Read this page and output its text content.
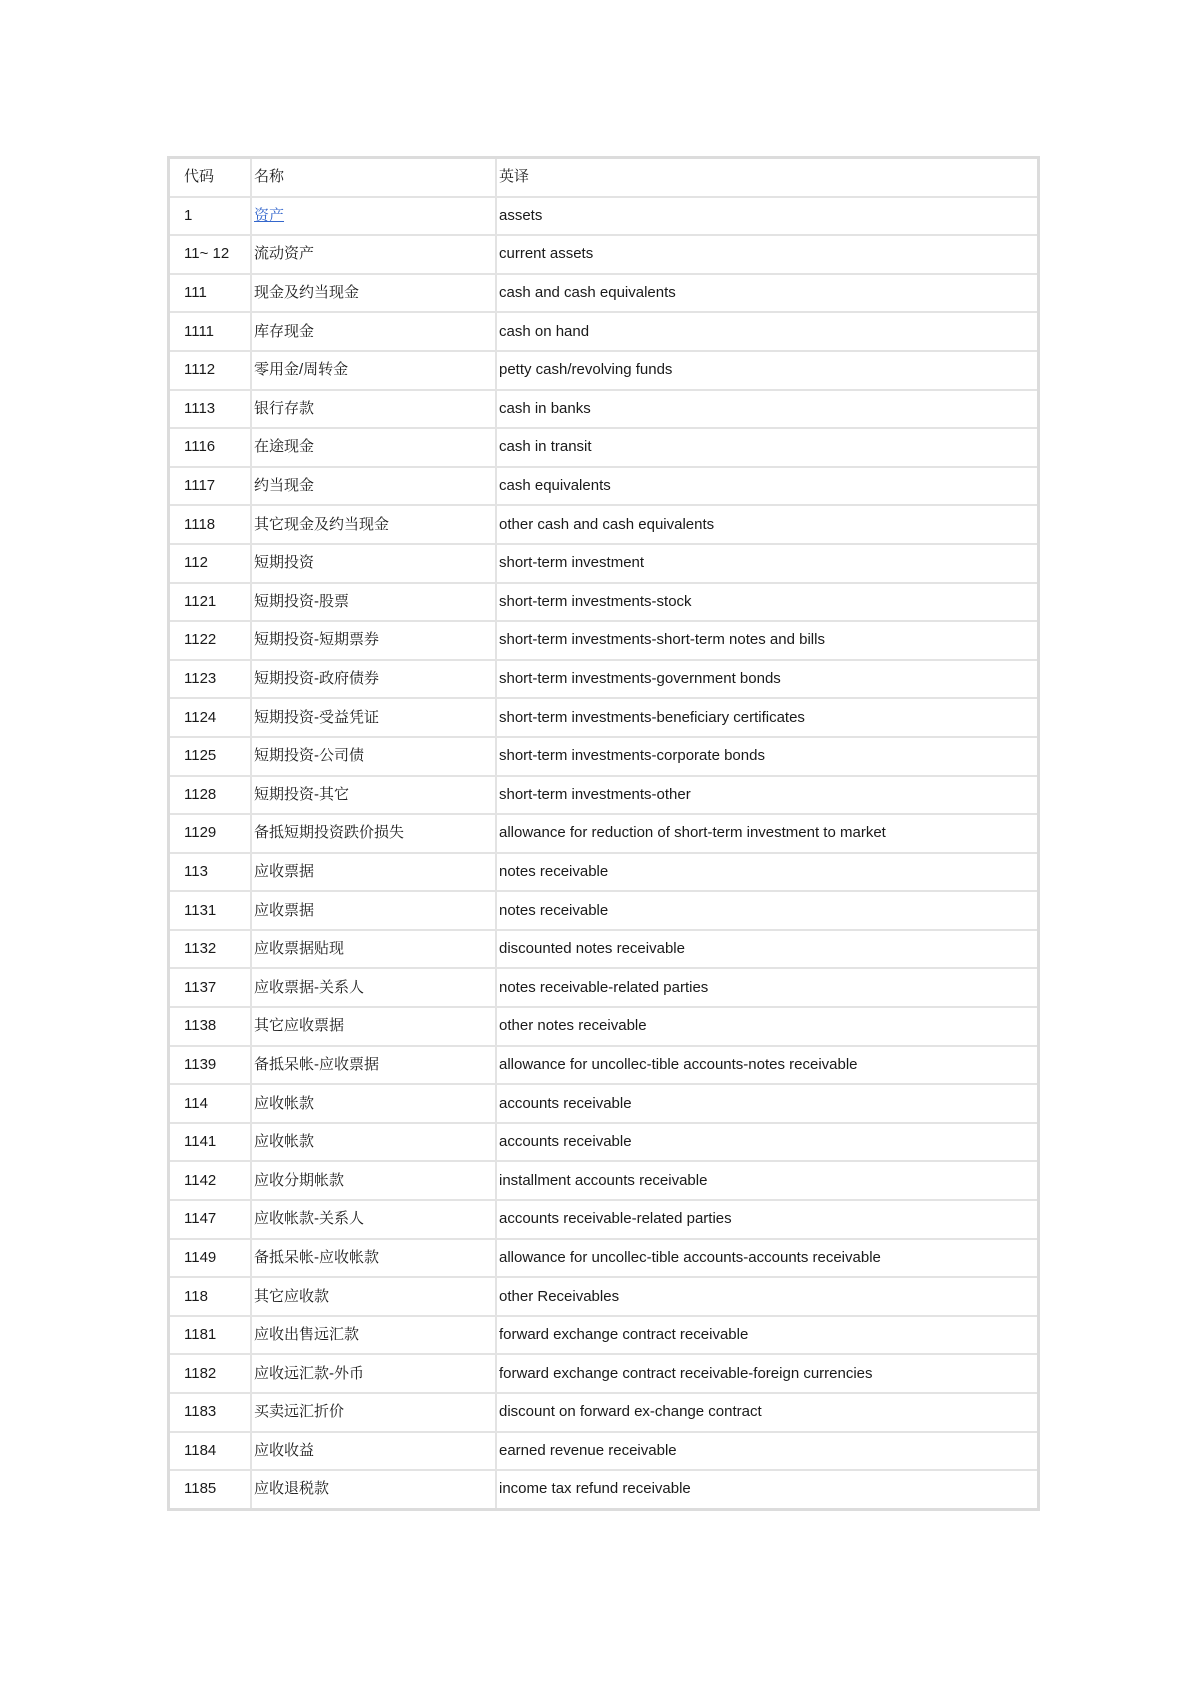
代码	名称	英译
1	资产	assets
11~ 12	流动资产	current assets
111	现金及约当现金	cash and cash equivalents
1111	库存现金	cash on hand
1112	零用金/周转金	petty cash/revolving funds
1113	银行存款	cash in banks
1116	在途现金	cash in transit
1117	约当现金	cash equivalents
1118	其它现金及约当现金	other cash and cash equivalents
112	短期投资	short-term investment
1121	短期投资-股票	short-term investments-stock
1122	短期投资-短期票券	short-term investments-short-term notes and bills
1123	短期投资-政府债券	short-term investments-government bonds
1124	短期投资-受益凭证	short-term investments-beneficiary certificates
1125	短期投资-公司债	short-term investments-corporate bonds
1128	短期投资-其它	short-term investments-other
1129	备抵短期投资跌价损失	allowance for reduction of short-term investment to market
113	应收票据	notes receivable
1131	应收票据	notes receivable
1132	应收票据贴现	discounted notes receivable
1137	应收票据-关系人	notes receivable-related parties
1138	其它应收票据	other notes receivable
1139	备抵呆帐-应收票据	allowance for uncollec-tible accounts-notes receivable
114	应收帐款	accounts receivable
1141	应收帐款	accounts receivable
1142	应收分期帐款	installment accounts receivable
1147	应收帐款-关系人	accounts receivable-related parties
1149	备抵呆帐-应收帐款	allowance for uncollec-tible accounts-accounts receivable
118	其它应收款	other Receivables
1181	应收出售远汇款	forward exchange contract receivable
1182	应收远汇款-外币	forward exchange contract receivable-foreign currencies
1183	买卖远汇折价	discount on forward ex-change contract
1184	应收收益	earned revenue receivable
1185	应收退税款	income tax refund receivable
